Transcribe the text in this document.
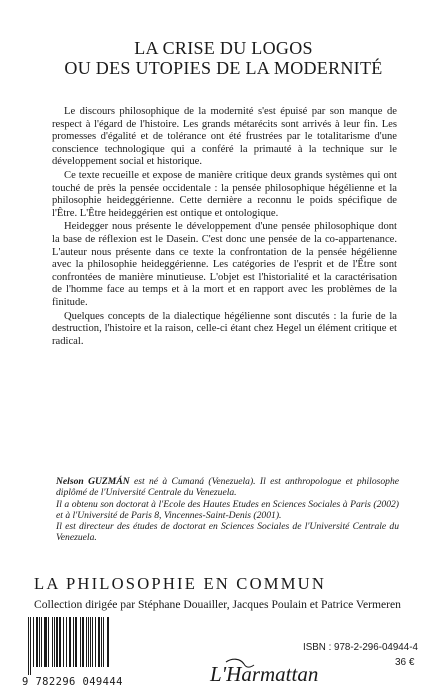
LA CRISE DU LOGOS
OU DES UTOPIES DE LA MODERNITÉ

Le discours philosophique de la modernité s'est épuisé par son manque de respect à l'égard de l'histoire. Les grands métarécits sont arrivés à leur fin. Les promesses d'égalité et de tolérance ont été frustrées par le totalitarisme d'une conscience technologique qui a conféré la primauté à la technique sur le développement social et historique.

Ce texte recueille et expose de manière critique deux grands systèmes qui ont touché de près la pensée occidentale : la pensée philosophique hégélienne et la philosophie heideggérienne. Cette dernière a reconnu le poids spécifique de l'Être. L'Être heideggérien est ontique et ontologique.

Heidegger nous présente le développement d'une pensée philosophique dont la base de réflexion est le Dasein. C'est donc une pensée de la co-appartenance. L'auteur nous présente dans ce texte la confrontation de la pensée hégélienne avec la philosophie heideggérienne. Les catégories de l'esprit et de l'Être sont confrontées de manière minutieuse. L'objet est l'historialité et la caractérisation de l'homme face au temps et à la mort et en rapport avec les problèmes de la finitude.

Quelques concepts de la dialectique hégélienne sont discutés : la furie de la destruction, l'histoire et la raison, celle-ci étant chez Hegel un élément critique et radical.

Nelson GUZMÁN est né à Cumaná (Venezuela). Il est anthropologue et philosophe diplômé de l'Université Centrale du Venezuela.

Il a obtenu son doctorat à l'Ecole des Hautes Etudes en Sciences Sociales à Paris (2002) et à l'Université de Paris 8, Vincennes-Saint-Denis (2001).

Il est directeur des études de doctorat en Sciences Sociales de l'Université Centrale du Venezuela.

LA PHILOSOPHIE EN COMMUN
Collection dirigée par Stéphane Douailler, Jacques Poulain et Patrice Vermeren
9 782296 049444	L'Harmattan
ISBN : 978-2-296-04944-4
36 €
